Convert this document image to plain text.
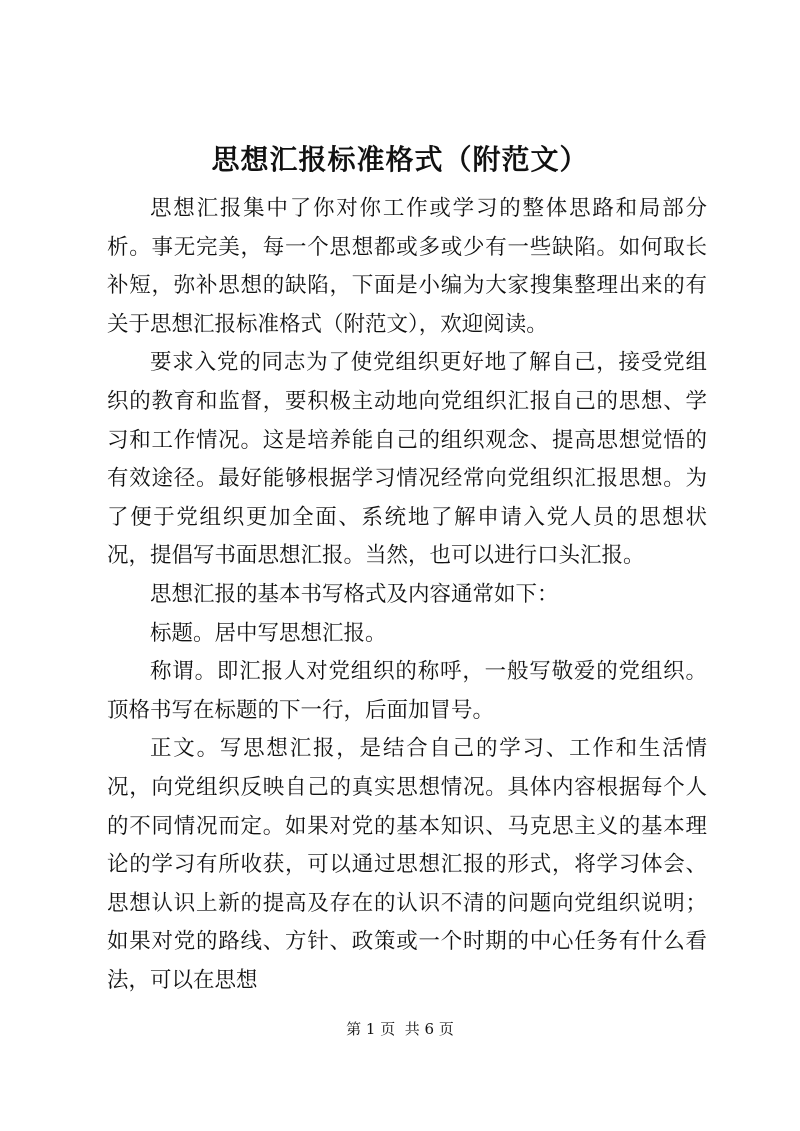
思想汇报标准格式（附范文）

思想汇报集中了你对你工作或学习的整体思路和局部分析。事无完美，每一个思想都或多或少有一些缺陷。如何取长补短，弥补思想的缺陷，下面是小编为大家搜集整理出来的有关于思想汇报标准格式（附范文），欢迎阅读。

要求入党的同志为了使党组织更好地了解自己，接受党组织的教育和监督，要积极主动地向党组织汇报自己的思想、学习和工作情况。这是培养能自己的组织观念、提高思想觉悟的有效途径。最好能够根据学习情况经常向党组织汇报思想。为了便于党组织更加全面、系统地了解申请入党人员的思想状况，提倡写书面思想汇报。当然，也可以进行口头汇报。

思想汇报的基本书写格式及内容通常如下：

标题。居中写思想汇报。

称谓。即汇报人对党组织的称呼，一般写敬爱的党组织。顶格书写在标题的下一行，后面加冒号。

正文。写思想汇报，是结合自己的学习、工作和生活情况，向党组织反映自己的真实思想情况。具体内容根据每个人的不同情况而定。如果对党的基本知识、马克思主义的基本理论的学习有所收获，可以通过思想汇报的形式，将学习体会、思想认识上新的提高及存在的认识不清的问题向党组织说明；如果对党的路线、方针、政策或一个时期的中心任务有什么看法，可以在思想

第 1 页  共 6 页
